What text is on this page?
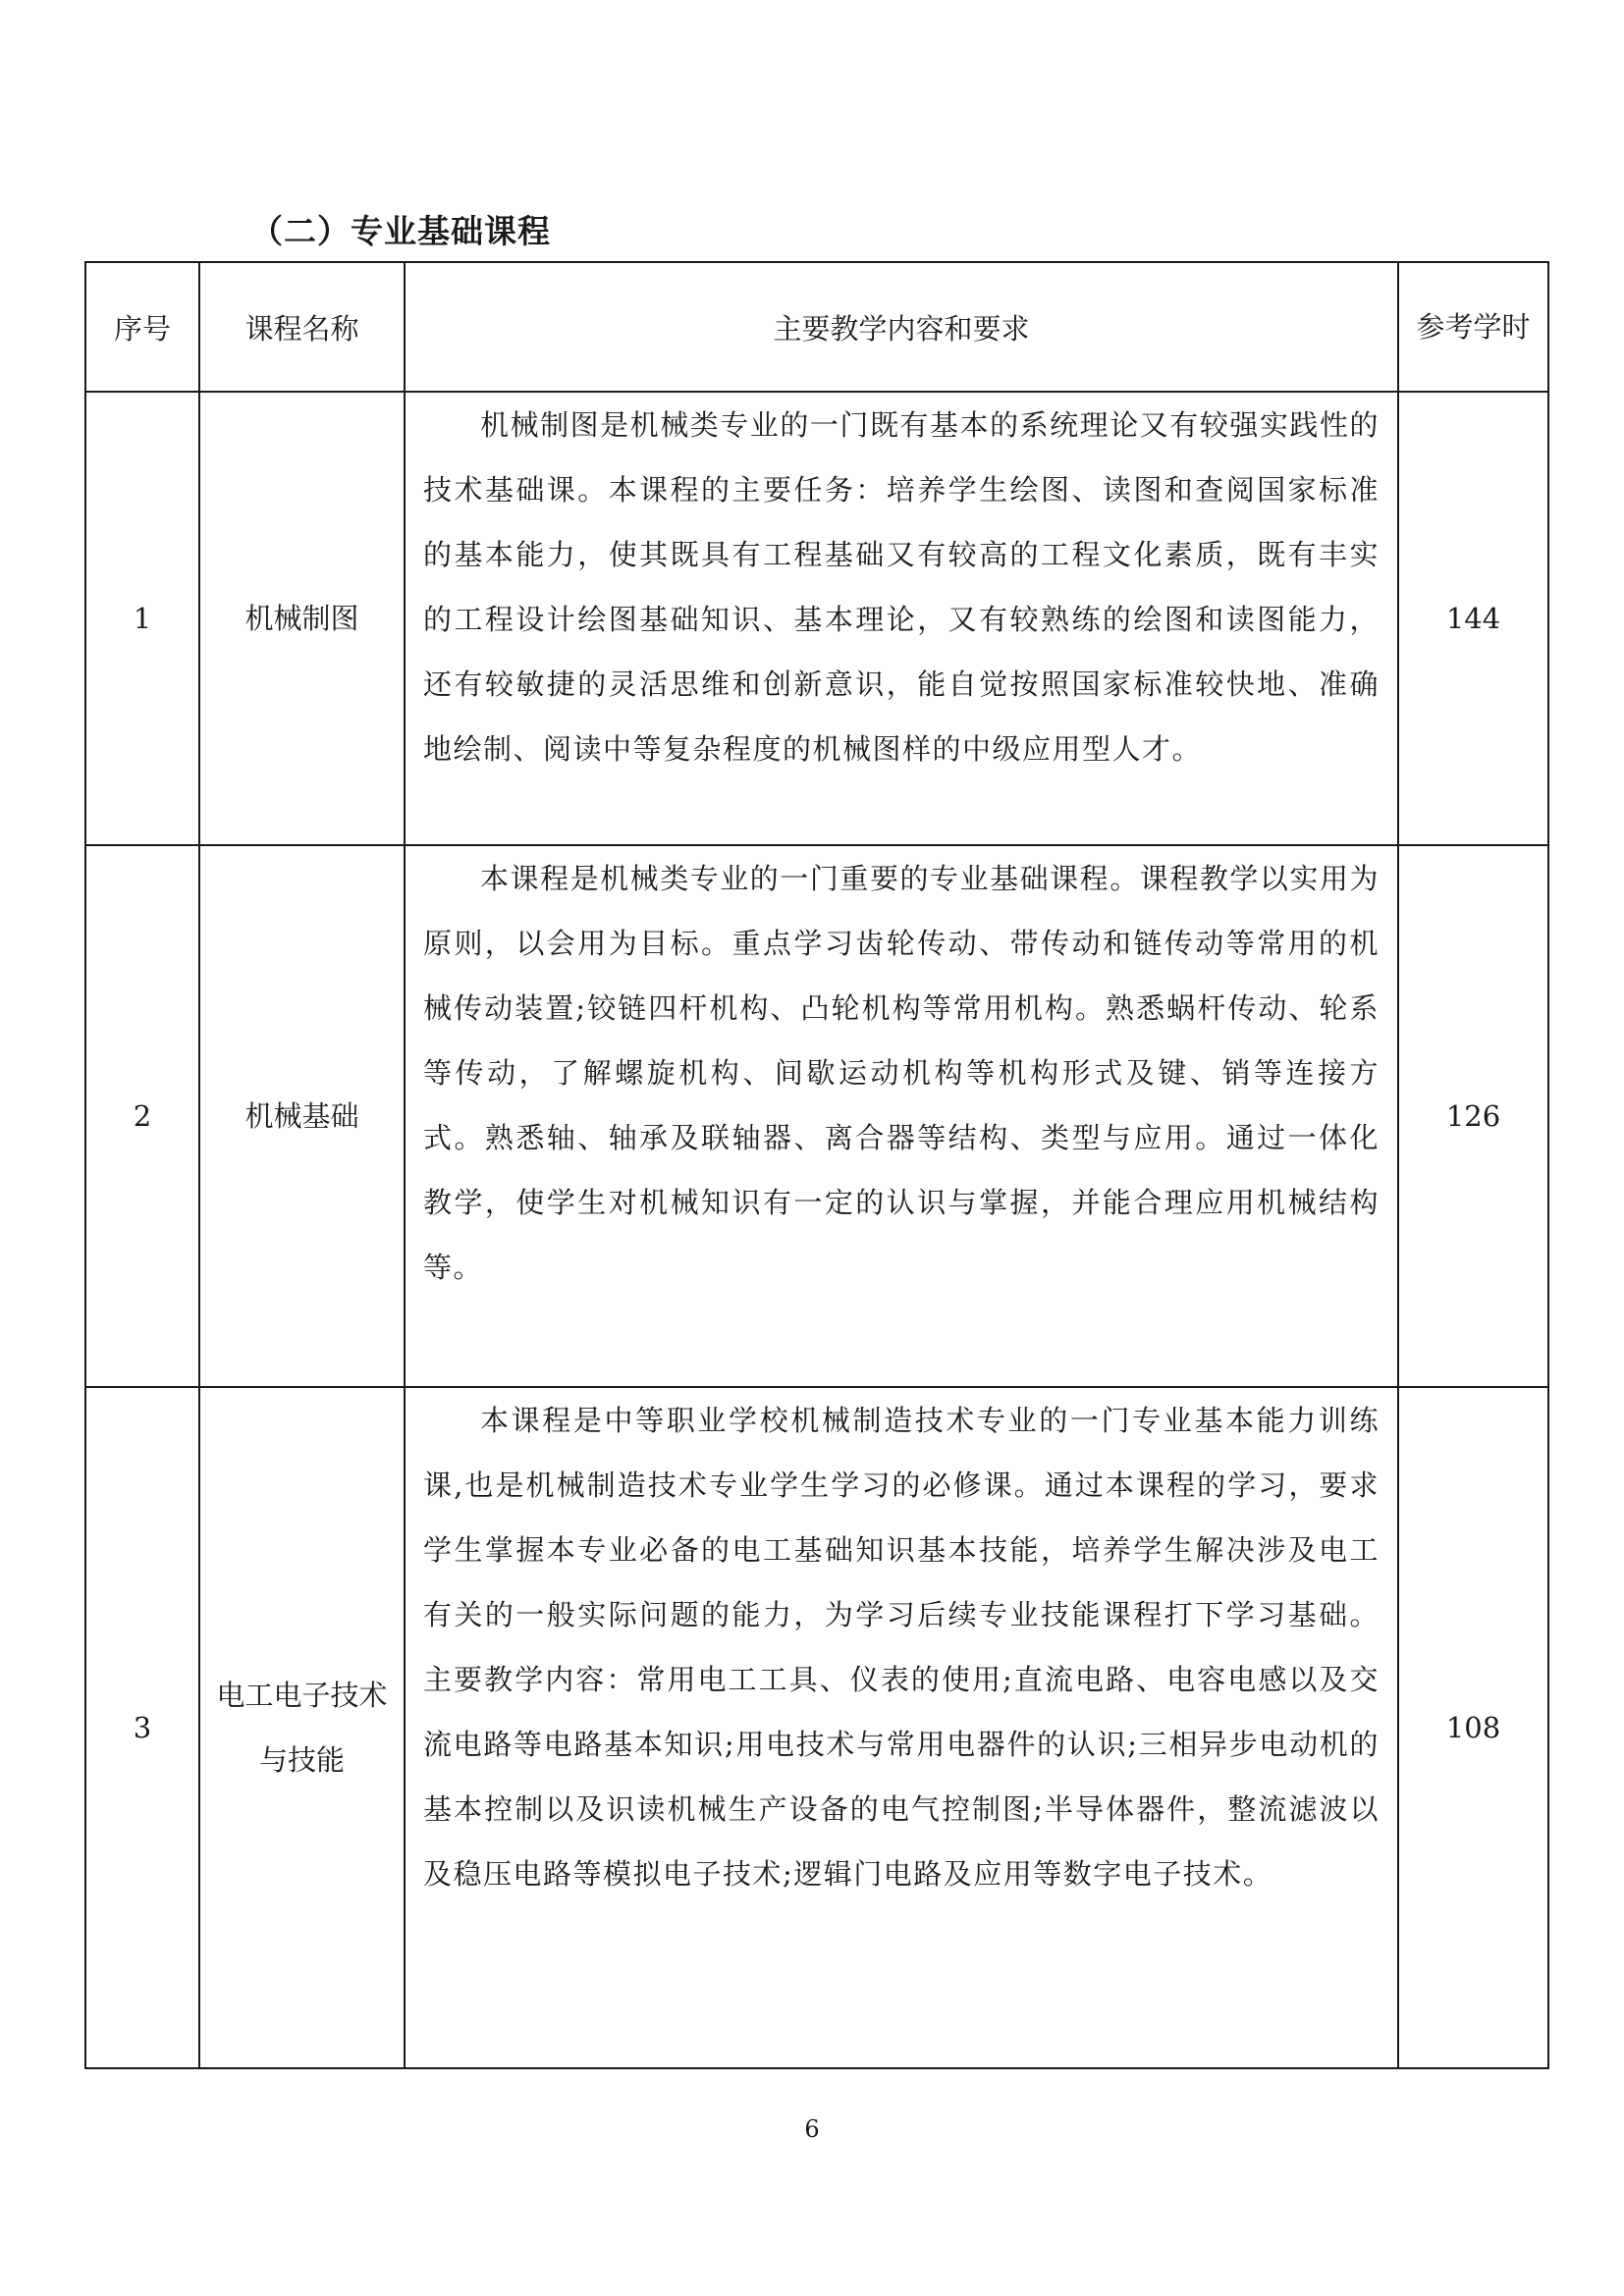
（二）专业基础课程
序号	课程名称	主要教学内容和要求	参考学时
1	机械制图	机械制图是机械类专业的一门既有基本的系统理论又有较强实践性的技术基础课。本课程的主要任务：培养学生绘图、读图和查阅国家标准的基本能力，使其既具有工程基础又有较高的工程文化素质，既有丰实的工程设计绘图基础知识、基本理论，又有较熟练的绘图和读图能力，还有较敏捷的灵活思维和创新意识，能自觉按照国家标准较快地、准确地绘制、阅读中等复杂程度的机械图样的中级应用型人才。	144
2	机械基础	本课程是机械类专业的一门重要的专业基础课程。课程教学以实用为原则，以会用为目标。重点学习齿轮传动、带传动和链传动等常用的机械传动装置;铰链四杆机构、凸轮机构等常用机构。熟悉蜗杆传动、轮系等传动，了解螺旋机构、间歇运动机构等机构形式及键、销等连接方式。熟悉轴、轴承及联轴器、离合器等结构、类型与应用。通过一体化教学，使学生对机械知识有一定的认识与掌握，并能合理应用机械结构等。	126
3	电工电子技术与技能	本课程是中等职业学校机械制造技术专业的一门专业基本能力训练课,也是机械制造技术专业学生学习的必修课。通过本课程的学习，要求学生掌握本专业必备的电工基础知识基本技能，培养学生解决涉及电工有关的一般实际问题的能力，为学习后续专业技能课程打下学习基础。主要教学内容：常用电工工具、仪表的使用;直流电路、电容电感以及交流电路等电路基本知识;用电技术与常用电器件的认识;三相异步电动机的基本控制以及识读机械生产设备的电气控制图;半导体器件，整流滤波以及稳压电路等模拟电子技术;逻辑门电路及应用等数字电子技术。	108
6
